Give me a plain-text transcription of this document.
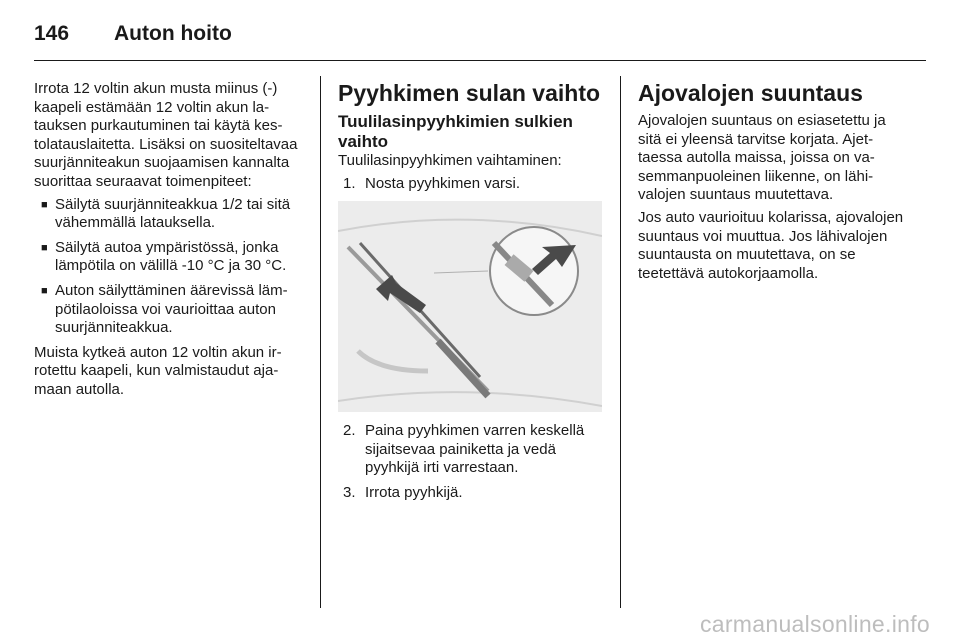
146	Auton hoito

Irrota 12 voltin akun musta miinus (-) kaapeli estämään 12 voltin akun latauksen purkautuminen tai käytä kestolatauslaitetta. Lisäksi on suositeltavaa suurjänniteakun suojaamisen kannalta suorittaa seuraavat toimenpiteet:

■ Säilytä suurjänniteakkua 1/2 tai sitä vähemmällä latauksella.
■ Säilytä autoa ympäristössä, jonka lämpötila on välillä -10 °C ja 30 °C.
■ Auton säilyttäminen äärevissä lämpötilaoloissa voi vaurioittaa auton suurjänniteakkua.

Muista kytkeä auton 12 voltin akun irrotettu kaapeli, kun valmistaudut ajamaan autolla.

Pyyhkimen sulan vaihto
Tuulilasinpyyhkimien sulkien vaihto

Tuulilasinpyyhkimen vaihtaminen:

1. Nosta pyyhkimen varsi.
2. Paina pyyhkimen varren keskellä sijaitsevaa painiketta ja vedä pyyhkijä irti varrestaan.
3. Irrota pyyhkijä.
Ajovalojen suuntaus

Ajovalojen suuntaus on esiasetettu ja sitä ei yleensä tarvitse korjata. Ajettaessa autolla maissa, joissa on vasemmanpuoleinen liikenne, on lähivalojen suuntaus muutettava.

Jos auto vaurioituu kolarissa, ajovalojen suuntaus voi muuttua. Jos lähivalojen suuntausta on muutettava, on se teetettävä autokorjaamolla.

carmanualsonline.info
